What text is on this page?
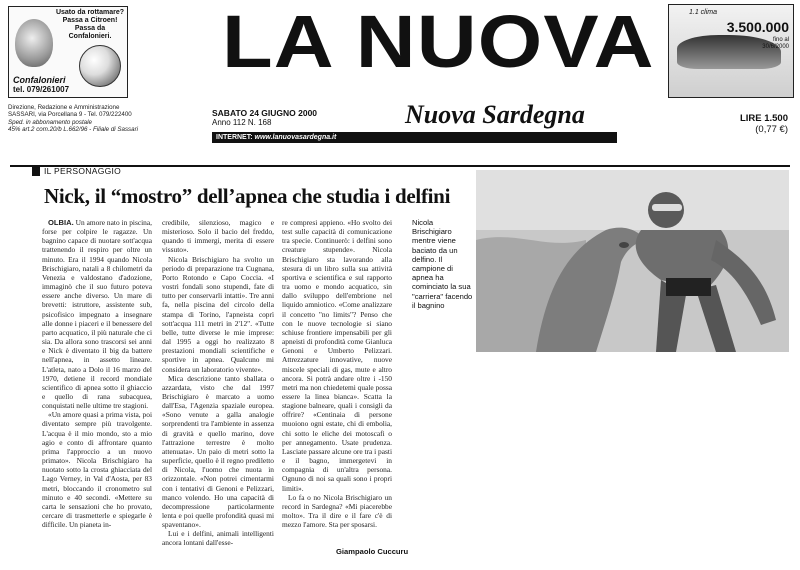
Usato da rottamare? Passa a Citroen! Passa da Confalonieri.
Confalonieri
tel. 079/261007
Direzione, Redazione e Amministrazione
SASSARI, via Porcellana 9 - Tel. 079/222400
Sped. in abbonamento postale
45% art.2 com.20/b L.662/96 - Filiale di Sassari
LA NUOVA
SABATO 24 GIUGNO 2000
Anno 112 N. 168	Nuova Sardegna
INTERNET: www.lanuovasardegna.it
1.1 clima
3.500.000
fino al 30/6/2000
LIRE 1.500
(0,77 €)
IL PERSONAGGIO
Nick, il “mostro” dell’apnea che studia i delfini

OLBIA. Un amore nato in piscina, forse per colpire le ragazze. Un bagnino capace di nuotare sott'acqua trattenendo il respiro per oltre un minuto. Era il 1994 quando Nicola Brischigiaro, natali a 8 chilometri da Venezia e valdostano d'adozione, immaginò che il suo futuro poteva essere anche diverso. Un mare di brevetti: istruttore, assistente sub, psicofisico impegnato a insegnare alle donne i piaceri e il benessere del parto acquatico, il più naturale che ci sia. Da allora sono trascorsi sei anni e Nick è diventato il big da battere nell'apnea, in assetto lineare. L'atleta, nato a Dolo il 16 marzo del 1970, detiene il record mondiale scientifico di apnea sotto il ghiaccio e quello di rana subacquea, conquistati nelle ultime tre stagioni.

«Un amore quasi a prima vista, poi diventato sempre più travolgente. L'acqua è il mio mondo, sto a mio agio e conto di affrontare quanto prima l'approccio a un nuovo primato». Nicola Brischigiaro ha nuotato sotto la crosta ghiacciata del Lago Verney, in Val d'Aosta, per 83 metri, bloccando il cronometro sul minuto e 40 secondi. «Mettere su carta le sensazioni che ho provato, cercare di trasmetterle e spiegarle è difficile. Un pianeta in-

credibile, silenzioso, magico e misterioso. Solo il bacio del freddo, quando ti immergi, merita di essere vissuto».

Nicola Brischigiaro ha svolto un periodo di preparazione tra Cugnana, Porto Rotondo e Capo Coccia. «I vostri fondali sono stupendi, fate di tutto per conservarli intatti». Tre anni fa, nella piscina del circolo della stampa di Torino, l'apneista coprì sott'acqua 111 metri in 2'12". «Tutte belle, tutte diverse le mie imprese: dal 1995 a oggi ho realizzato 8 prestazioni mondiali scientifiche e sportive in apnea. Qualcuno mi considera un laboratorio vivente».

Mica descrizione tanto sballata o azzardata, visto che dal 1997 Brischigiaro è marcato a uomo dall'Esa, l'Agenzia spaziale europea. «Sono venute a galla analogie sorprendenti tra l'ambiente in assenza di gravità e quello marino, dove l'attrazione terrestre è molto attenuata». Un paio di metri sotto la superficie, quello è il regno prediletto di Nicola, l'uomo che nuota in orizzontale. «Non potrei cimentarmi con i tentativi di Genoni e Pelizzari, manco volendo. Ho una capacità di decompressione particolarmente lenta e poi quelle profondità quasi mi spaventano».

Lui e i delfini, animali intelligenti ancora lontani dall'esse-

re compresi appieno. «Ho svolto dei test sulle capacità di comunicazione tra specie. Continuerò: i delfini sono creature stupende». Nicola Brischigiaro sta lavorando alla stesura di un libro sulla sua attività sportiva e scientifica e sul rapporto tra uomo e mondo acquatico, sin dallo sviluppo dell'embrione nel liquido amniotico. «Come analizzare il concetto "no limits"? Penso che con le nuove tecnologie si siano schiuse frontiere impensabili per gli apneisti di profondità come Gianluca Genoni e Umberto Pelizzari. Attrezzature innovative, nuove miscele speciali di gas, mute e altro ancora. Si potrà andare oltre i -150 metri ma non chiedetemi quale possa essere la linea bianca». Scatta la stagione balneare, quali i consigli da offrire? «Centinaia di persone muoiono ogni estate, chi di embolia, chi sotto le eliche dei motoscafi o per annegamento. Usate prudenza. Lasciate passare alcune ore tra i pasti e il bagno, immergetevi in compagnia di un'altra persona. Ognuno di noi sa quali sono i propri limiti».

Lo fa o no Nicola Brischigiaro un record in Sardegna? «Mi piacerebbe molto». Tra il dire e il fare c'è di mezzo l'amore. Sta per sposarsi.

Giampaolo Cuccuru
Nicola Brischigiaro mentre viene baciato da un delfino. Il campione di apnea ha cominciato la sua "carriera" facendo il bagnino
